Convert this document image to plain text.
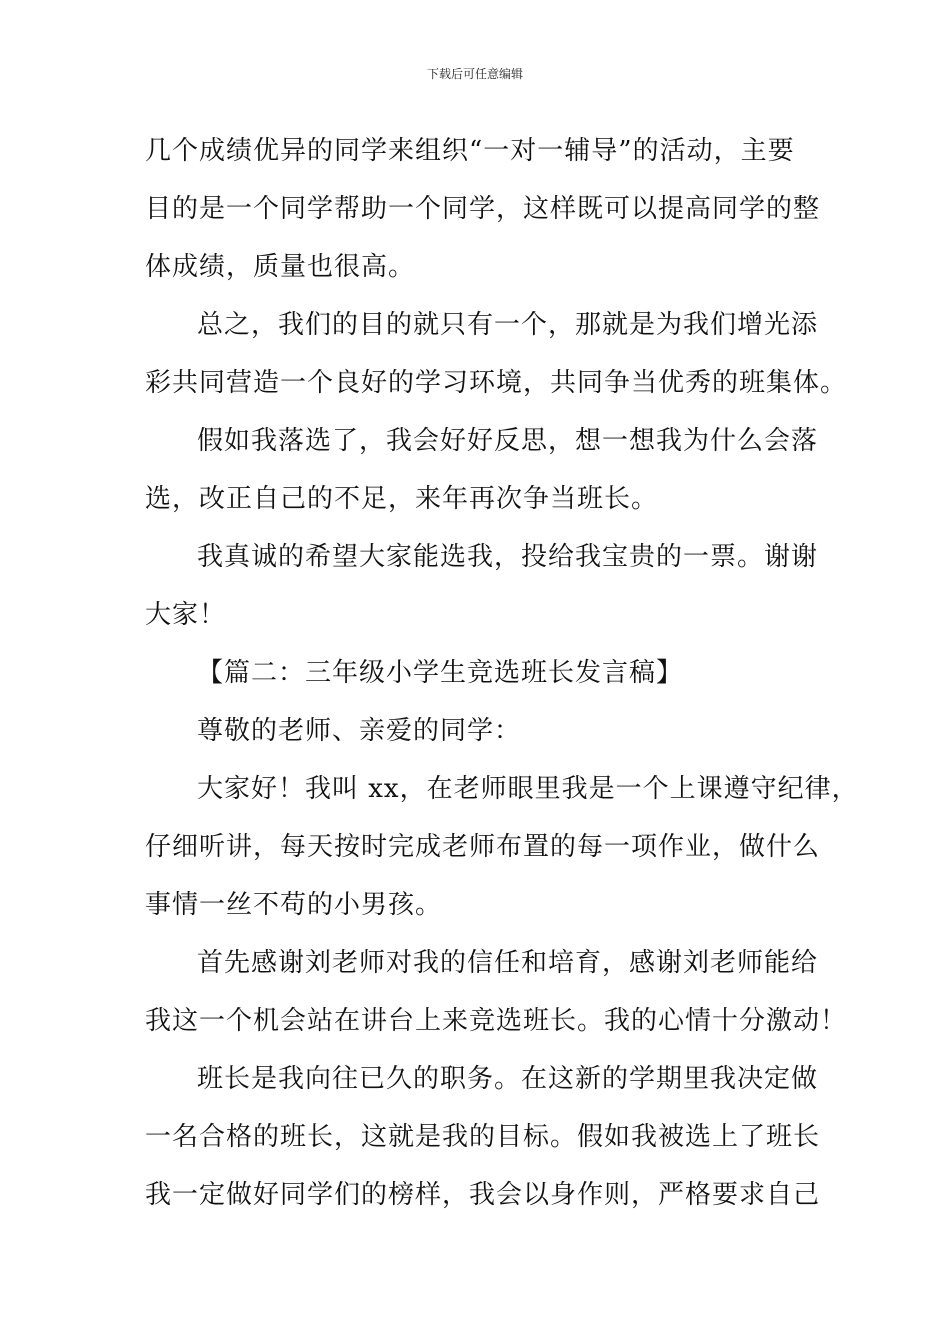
下载后可任意编辑
几个成绩优异的同学来组织“一对一辅导”的活动，主要
目的是一个同学帮助一个同学，这样既可以提高同学的整
体成绩，质量也很高。
总之，我们的目的就只有一个，那就是为我们增光添
彩共同营造一个良好的学习环境，共同争当优秀的班集体。
假如我落选了，我会好好反思，想一想我为什么会落
选，改正自己的不足，来年再次争当班长。
我真诚的希望大家能选我，投给我宝贵的一票。谢谢
大家！
【篇二：三年级小学生竞选班长发言稿】
尊敬的老师、亲爱的同学：
大家好！我叫 xx，在老师眼里我是一个上课遵守纪律，
仔细听讲，每天按时完成老师布置的每一项作业，做什么
事情一丝不苟的小男孩。
首先感谢刘老师对我的信任和培育，感谢刘老师能给
我这一个机会站在讲台上来竞选班长。我的心情十分激动！
班长是我向往已久的职务。在这新的学期里我决定做
一名合格的班长，这就是我的目标。假如我被选上了班长
我一定做好同学们的榜样，我会以身作则，严格要求自己
